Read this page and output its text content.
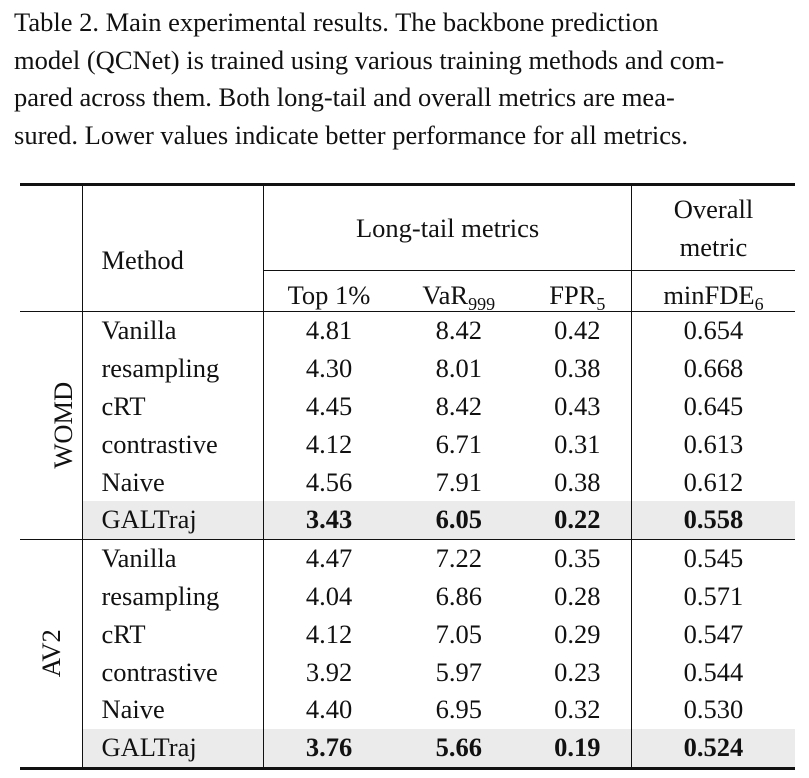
Table 2. Main experimental results. The backbone prediction

model (QCNet) is trained using various training methods and com-

pared across them. Both long-tail and overall metrics are mea-

sured. Lower values indicate better performance for all metrics.

	Method	Long-tail metrics			Overall
metric
		Top 1%	VaR$_{999}$	$FPR_5$	minFDE$_6$
WOMD	Vanilla	4.81	8.42	0.42	0.654
	resampling	4.30	8.01	0.38	0.668
	cRT	4.45	8.42	0.43	0.645
	contrastive	4.12	6.71	0.31	0.613
	Naive	4.56	7.91	0.38	0.612
	GALTraj	3.43	6.05	0.22	0.558
AV2	Vanilla	4.47	7.22	0.35	0.545
	resampling	4.04	6.86	0.28	0.571
	cRT	4.12	7.05	0.29	0.547
	contrastive	3.92	5.97	0.23	0.544
	Naive	4.40	6.95	0.32	0.530
	GALTraj	3.76	5.66	0.19	0.524
